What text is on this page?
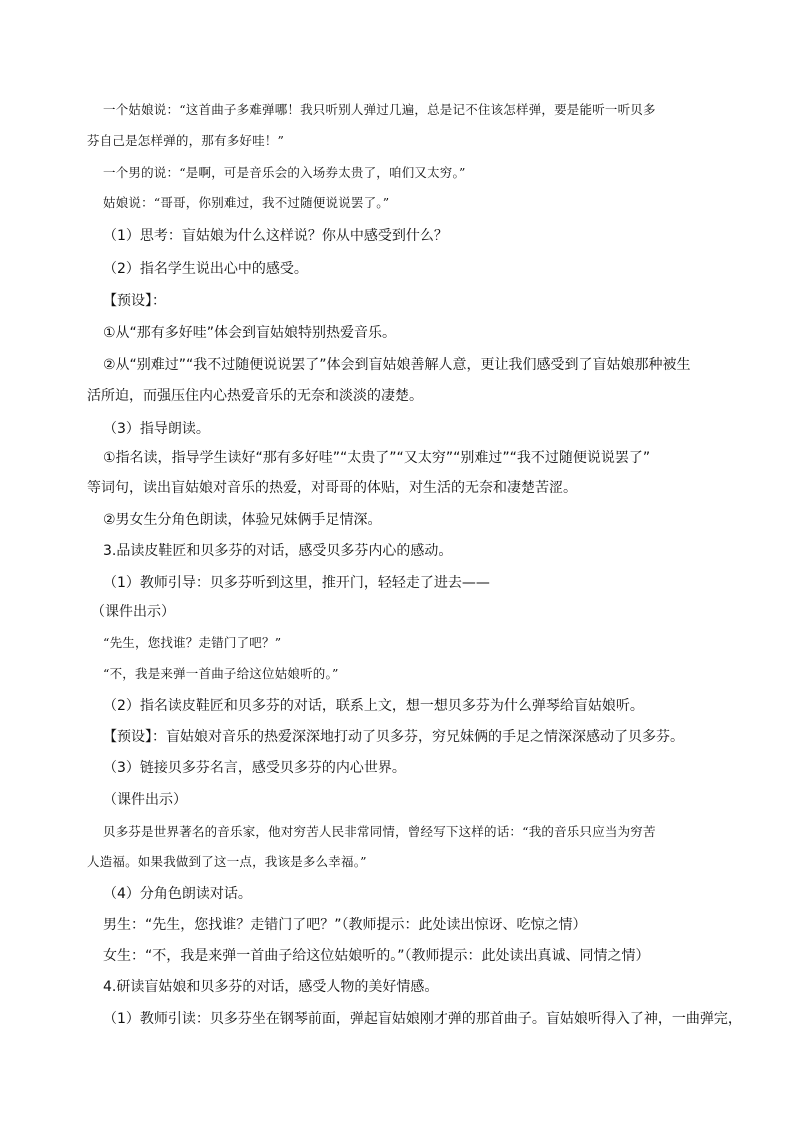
一个姑娘说：“这首曲子多难弹哪！我只听别人弹过几遍，总是记不住该怎样弹，要是能听一听贝多
芬自己是怎样弹的，那有多好哇！”
一个男的说：“是啊，可是音乐会的入场券太贵了，咱们又太穷。”
姑娘说：“哥哥，你别难过，我不过随便说说罢了。”
（1）思考：盲姑娘为什么这样说？你从中感受到什么？
（2）指名学生说出心中的感受。
【预设】：
①从“那有多好哇”体会到盲姑娘特别热爱音乐。
②从“别难过”“我不过随便说说罢了”体会到盲姑娘善解人意，更让我们感受到了盲姑娘那种被生
活所迫，而强压住内心热爱音乐的无奈和淡淡的凄楚。
（3）指导朗读。
①指名读，指导学生读好“那有多好哇”“太贵了”“又太穷”“别难过”“我不过随便说说罢了”
等词句，读出盲姑娘对音乐的热爱，对哥哥的体贴，对生活的无奈和凄楚苦涩。
②男女生分角色朗读，体验兄妹俩手足情深。
3.品读皮鞋匠和贝多芬的对话，感受贝多芬内心的感动。
（1）教师引导：贝多芬听到这里，推开门，轻轻走了进去——
（课件出示）
“先生，您找谁？走错门了吧？”
“不，我是来弹一首曲子给这位姑娘听的。”
（2）指名读皮鞋匠和贝多芬的对话，联系上文，想一想贝多芬为什么弹琴给盲姑娘听。
【预设】：盲姑娘对音乐的热爱深深地打动了贝多芬，穷兄妹俩的手足之情深深感动了贝多芬。
（3）链接贝多芬名言，感受贝多芬的内心世界。
（课件出示）
贝多芬是世界著名的音乐家，他对穷苦人民非常同情，曾经写下这样的话：“我的音乐只应当为穷苦
人造福。如果我做到了这一点，我该是多么幸福。”
（4）分角色朗读对话。
男生：“先生，您找谁？走错门了吧？”（教师提示：此处读出惊讶、吃惊之情）
女生：“不，我是来弹一首曲子给这位姑娘听的。”（教师提示：此处读出真诚、同情之情）
4.研读盲姑娘和贝多芬的对话，感受人物的美好情感。
（1）教师引读：贝多芬坐在钢琴前面，弹起盲姑娘刚才弹的那首曲子。盲姑娘听得入了神，一曲弹完，
